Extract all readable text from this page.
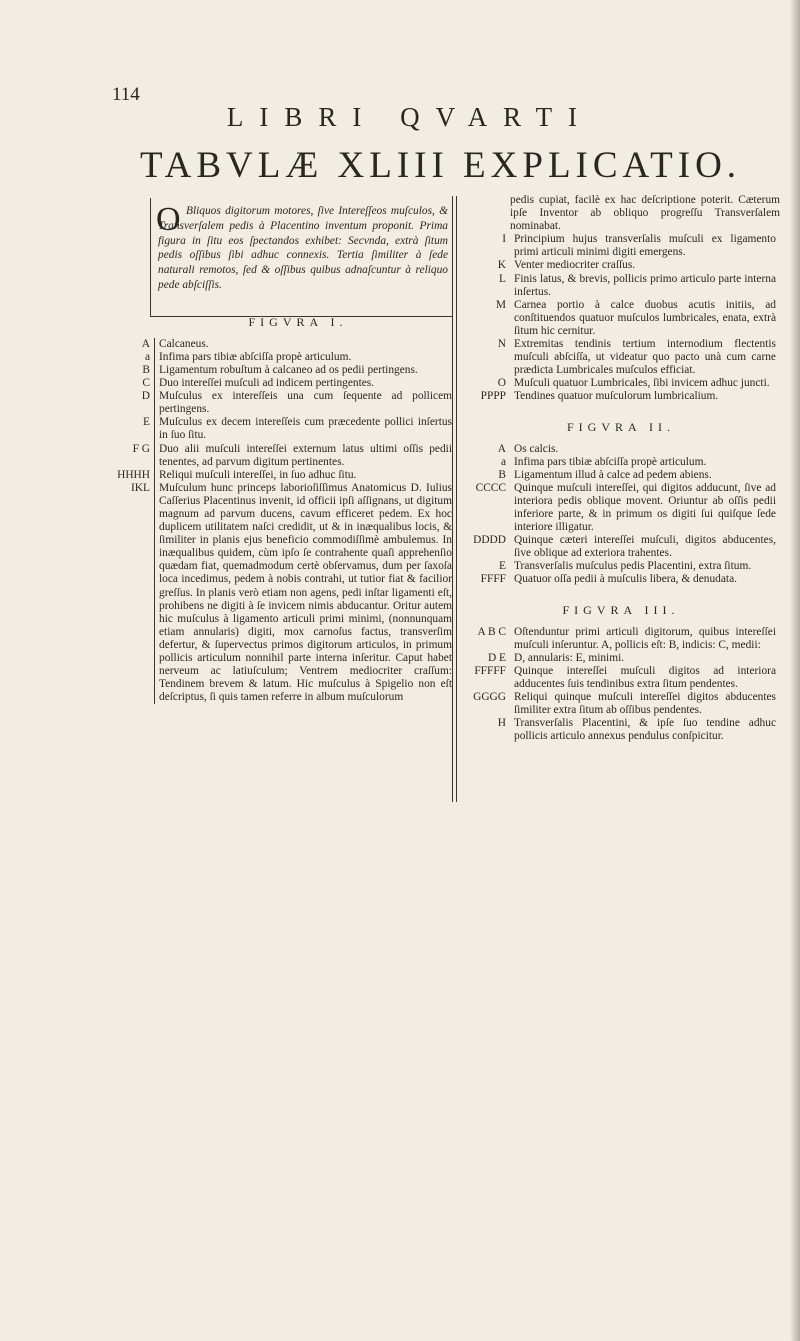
114
LIBRI QVARTI
TABVLÆ XLIII EXPLICATIO.
O Bliquos digitorum motores, ſive Intereſſeos muſculos, & Transverſalem pedis à Placentino inventum proponit. Prima figura in ſitu eos ſpectandos exhibet: Secvnda, extrà ſitum pedis oſſibus ſibi adhuc connexis. Tertia ſimiliter à ſede naturali remotos, ſed & oſſibus quibus adnaſcuntur à reliquo pede abſciſſis.

FIGVRA I.
A Calcaneus.
a Infima pars tibiæ abſciſſa propè articulum.
B Ligamentum robuſtum à calcaneo ad os pedii pertingens.
C Duo intereſſei muſculi ad indicem pertingentes.
D Muſculus ex intereſſeis una cum ſequente ad pollicem pertingens.
E Muſculus ex decem intereſſeis cum præcedente pollici inſertus in ſuo ſitu.
F G Duo alii muſculi intereſſei externum latus ultimi oſſis pedii tenentes, ad parvum digitum pertinentes.
HHHH Reliqui muſculi intereſſei, in ſuo adhuc ſitu.
IKL Muſculum hunc princeps laborioſiſſimus Anatomicus D. Iulius Caſſerius Placentinus invenit, id officii ipſi aſſignans, ut digitum magnum ad parvum ducens, cavum efficeret pedem. Ex hoc duplicem utilitatem naſci credidit, ut & in inæqualibus locis, & ſimiliter in planis ejus beneficio commodiſſimè ambulemus. In inæqualibus quidem, cùm ipſo ſe contrahente quaſi apprehenſio quædam fiat, quemadmodum certè obſervamus, dum per ſaxoſa loca incedimus, pedem à nobis contrahi, ut tutior fiat & facilior greſſus. In planis verò etiam non agens, pedi inſtar ligamenti eſt, prohibens ne digiti à ſe invicem nimis abducantur. Oritur autem hic muſculus à ligamento articuli primi minimi, (nonnunquam etiam annularis) digiti, mox carnoſus factus, transverſim defertur, & ſupervectus primos digitorum articulos, in primum pollicis articulum nonnihil parte interna inſeritur. Caput habet nerveum ac latiuſculum; Ventrem mediocriter craſſum: Tendinem brevem & latum. Hic muſculus à Spigelio non eſt deſcriptus, ſi quis tamen referre in album muſculorum
pedis cupiat, facilè ex hac deſcriptione poterit. Cæterum ipſe Inventor ab obliquo progreſſu Transverſalem nominabat.
I Principium hujus transverſalis muſculi ex ligamento primi articuli minimi digiti emergens.
K Venter mediocriter craſſus.
L Finis latus, & brevis, pollicis primo articulo parte interna inſertus.
M Carnea portio à calce duobus acutis initiis, ad conſtituendos quatuor muſculos lumbricales, enata, extrà ſitum hic cernitur.
N Extremitas tendinis tertium internodium flectentis muſculi abſciſſa, ut videatur quo pacto unà cum carne prædicta Lumbricales muſculos efficiat.
O Muſculi quatuor Lumbricales, ſibi invicem adhuc juncti.
PPPP Tendines quatuor muſculorum lumbricalium.
FIGVRA II.
A Os calcis.
a Infima pars tibiæ abſciſſa propè articulum.
B Ligamentum illud à calce ad pedem abiens.
CCCC Quinque muſculi intereſſei, qui digitos adducunt, ſive ad interiora pedis oblique movent. Oriuntur ab oſſis pedii inferiore parte, & in primum os digiti ſui quiſque ſede interiore illigatur.
DDDD Quinque cæteri intereſſei muſculi, digitos abducentes, ſive oblique ad exteriora trahentes.
E Transverſalis muſculus pedis Placentini, extra ſitum.
FFFF Quatuor oſſa pedii à muſculis libera, & denudata.
FIGVRA III.
A B C Oſtenduntur primi articuli digitorum, quibus intereſſei muſculi inſeruntur. A, pollicis eſt: B, indicis: C, medii:
D E D, annularis: E, minimi.
FFFFF Quinque intereſſei muſculi digitos ad interiora adducentes ſuis tendinibus extra ſitum pendentes.
GGGG Reliqui quinque muſculi intereſſei digitos abducentes ſimiliter extra ſitum ab oſſibus pendentes.
H Transverſalis Placentini, & ipſe ſuo tendine adhuc pollicis articulo annexus pendulus conſpicitur.
